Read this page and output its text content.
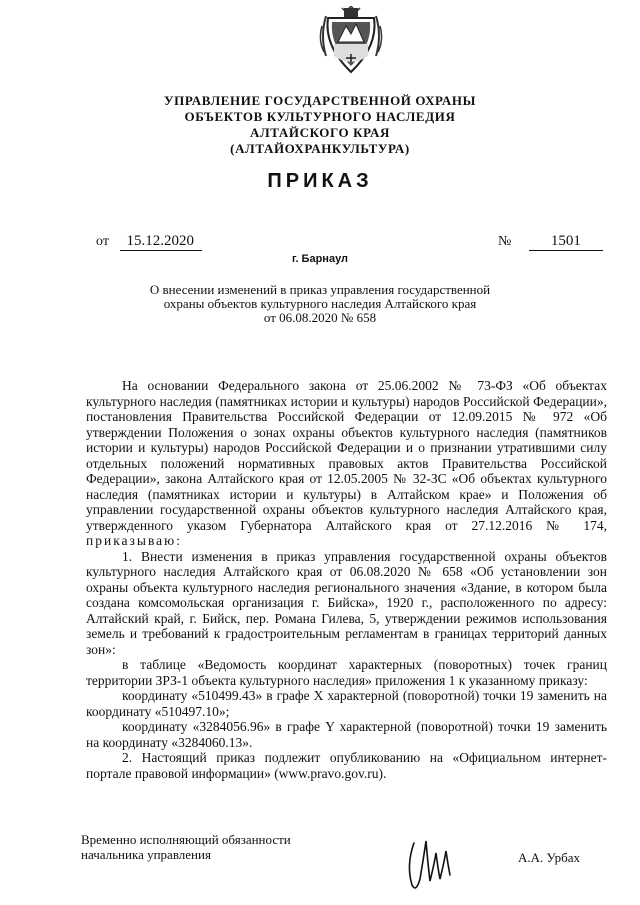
УПРАВЛЕНИЕ ГОСУДАРСТВЕННОЙ ОХРАНЫ
ОБЪЕКТОВ КУЛЬТУРНОГО НАСЛЕДИЯ
АЛТАЙСКОГО КРАЯ
(АЛТАЙОХРАНКУЛЬТУРА)
ПРИКАЗ
от 15.12.2020	№	1501
г. Барнаул
О внесении изменений в приказ управления государственной
охраны объектов культурного наследия Алтайского края
от 06.08.2020 № 658

На основании Федерального закона от 25.06.2002 № 73-ФЗ «Об объектах культурного наследия (памятниках истории и культуры) народов Российской Федерации», постановления Правительства Российской Федерации от 12.09.2015 № 972 «Об утверждении Положения о зонах охраны объектов культурного наследия (памятников истории и культуры) народов Российской Федерации и о признании утратившими силу отдельных положений нормативных правовых актов Правительства Российской Федерации», закона Алтайского края от 12.05.2005 № 32-ЗС «Об объектах культурного наследия (памятниках истории и культуры) в Алтайском крае» и Положения об управлении государственной охраны объектов культурного наследия Алтайского края, утвержденного указом Губернатора Алтайского края от 27.12.2016 № 174, приказываю:

1. Внести изменения в приказ управления государственной охраны объектов культурного наследия Алтайского края от 06.08.2020 № 658 «Об установлении зон охраны объекта культурного наследия регионального значения «Здание, в котором была создана комсомольская организация г. Бийска», 1920 г., расположенного по адресу: Алтайский край, г. Бийск, пер. Романа Гилева, 5, утверждении режимов использования земель и требований к градостроительным регламентам в границах территорий данных зон»:

в таблице «Ведомость координат характерных (поворотных) точек границ территории ЗРЗ-1 объекта культурного наследия» приложения 1 к указанному приказу:

координату «510499.43» в графе X характерной (поворотной) точки 19 заменить на координату «510497.10»;

координату «3284056.96» в графе Y характерной (поворотной) точки 19 заменить на координату «3284060.13».

2. Настоящий приказ подлежит опубликованию на «Официальном интернет-портале правовой информации» (www.pravo.gov.ru).

Временно исполняющий обязанности
начальника управления	А.А. Урбах
